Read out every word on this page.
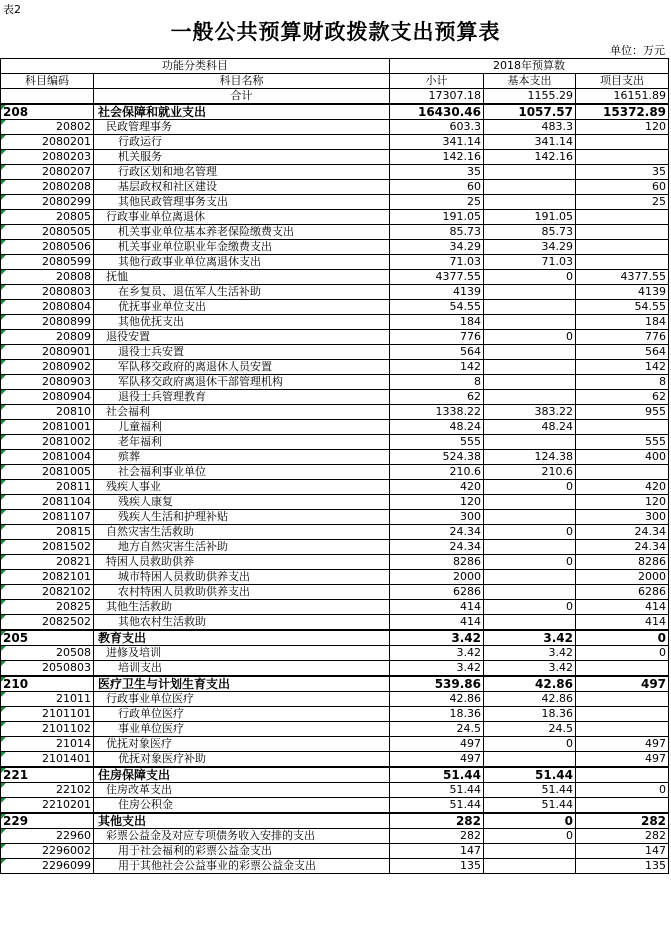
表2
一般公共预算财政拨款支出预算表
单位：万元
功能分类科目		2018年预算数		
科目编码	科目名称	小计	基本支出	项目支出
	合计	17307.18	1155.29	16151.89
208	社会保障和就业支出	16430.46	1057.57	15372.89
20802	民政管理事务	603.3	483.3	120
2080201	行政运行	341.14	341.14	
2080203	机关服务	142.16	142.16	
2080207	行政区划和地名管理	35		35
2080208	基层政权和社区建设	60		60
2080299	其他民政管理事务支出	25		25
20805	行政事业单位离退休	191.05	191.05	
2080505	机关事业单位基本养老保险缴费支出	85.73	85.73	
2080506	机关事业单位职业年金缴费支出	34.29	34.29	
2080599	其他行政事业单位离退休支出	71.03	71.03	
20808	抚恤	4377.55	0	4377.55
2080803	在乡复员、退伍军人生活补助	4139		4139
2080804	优抚事业单位支出	54.55		54.55
2080899	其他优抚支出	184		184
20809	退役安置	776	0	776
2080901	退役士兵安置	564		564
2080902	军队移交政府的离退休人员安置	142		142
2080903	军队移交政府离退休干部管理机构	8		8
2080904	退役士兵管理教育	62		62
20810	社会福利	1338.22	383.22	955
2081001	儿童福利	48.24	48.24	
2081002	老年福利	555		555
2081004	殡葬	524.38	124.38	400
2081005	社会福利事业单位	210.6	210.6	
20811	残疾人事业	420	0	420
2081104	残疾人康复	120		120
2081107	残疾人生活和护理补贴	300		300
20815	自然灾害生活救助	24.34	0	24.34
2081502	地方自然灾害生活补助	24.34		24.34
20821	特困人员救助供养	8286	0	8286
2082101	城市特困人员救助供养支出	2000		2000
2082102	农村特困人员救助供养支出	6286		6286
20825	其他生活救助	414	0	414
2082502	其他农村生活救助	414		414
205	教育支出	3.42	3.42	0
20508	进修及培训	3.42	3.42	0
2050803	培训支出	3.42	3.42	
210	医疗卫生与计划生育支出	539.86	42.86	497
21011	行政事业单位医疗	42.86	42.86	
2101101	行政单位医疗	18.36	18.36	
2101102	事业单位医疗	24.5	24.5	
21014	优抚对象医疗	497	0	497
2101401	优抚对象医疗补助	497		497
221	住房保障支出	51.44	51.44	
22102	住房改革支出	51.44	51.44	0
2210201	住房公积金	51.44	51.44	
229	其他支出	282	0	282
22960	彩票公益金及对应专项债务收入安排的支出	282	0	282
2296002	用于社会福利的彩票公益金支出	147		147
2296099	用于其他社会公益事业的彩票公益金支出	135		135
